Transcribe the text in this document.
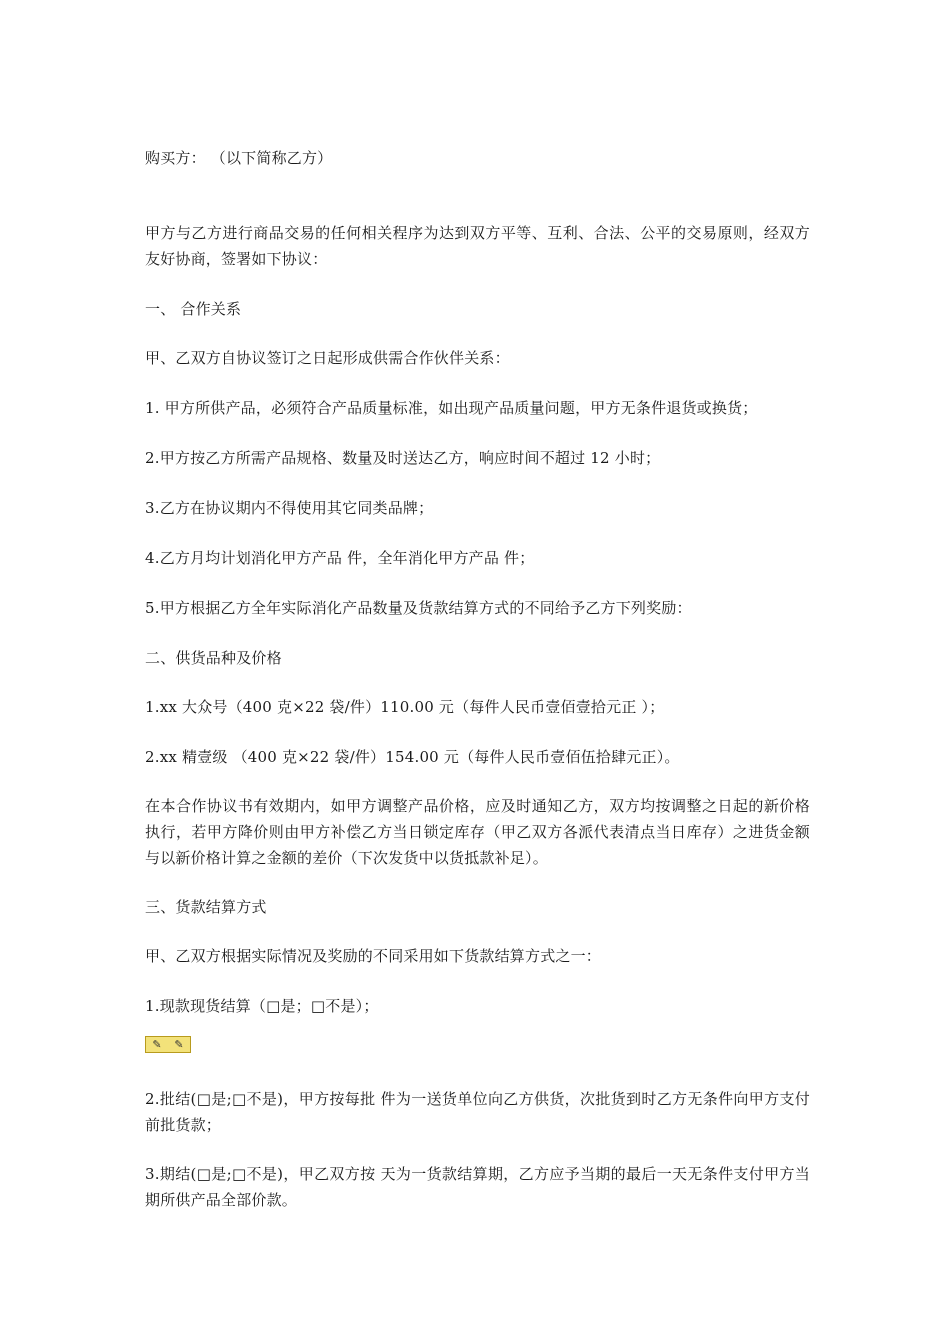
购买方： （以下简称乙方）
甲方与乙方进行商品交易的任何相关程序为达到双方平等、互利、合法、公平的交易原则，经双方友好协商，签署如下协议：
一、 合作关系
甲、乙双方自协议签订之日起形成供需合作伙伴关系：
1. 甲方所供产品，必须符合产品质量标准，如出现产品质量问题，甲方无条件退货或换货；
2.甲方按乙方所需产品规格、数量及时送达乙方，响应时间不超过 12 小时；
3.乙方在协议期内不得使用其它同类品牌；
4.乙方月均计划消化甲方产品 件，全年消化甲方产品 件；
5.甲方根据乙方全年实际消化产品数量及货款结算方式的不同给予乙方下列奖励：
二、供货品种及价格
1.xx 大众号（400 克×22 袋/件）110.00 元（每件人民币壹佰壹拾元正 ）；
2.xx 精壹级 （400 克×22 袋/件）154.00 元（每件人民币壹佰伍拾肆元正）。
在本合作协议书有效期内，如甲方调整产品价格，应及时通知乙方，双方均按调整之日起的新价格执行，若甲方降价则由甲方补偿乙方当日锁定库存（甲乙双方各派代表清点当日库存）之进货金额与以新价格计算之金额的差价（下次发货中以货抵款补足）。
三、货款结算方式
甲、乙双方根据实际情况及奖励的不同采用如下货款结算方式之一：
1.现款现货结算（□是；□不是）；
✎ ✎
2.批结(□是;□不是)，甲方按每批 件为一送货单位向乙方供货，次批货到时乙方无条件向甲方支付前批货款；
3.期结(□是;□不是)，甲乙双方按 天为一货款结算期，乙方应予当期的最后一天无条件支付甲方当期所供产品全部价款。
